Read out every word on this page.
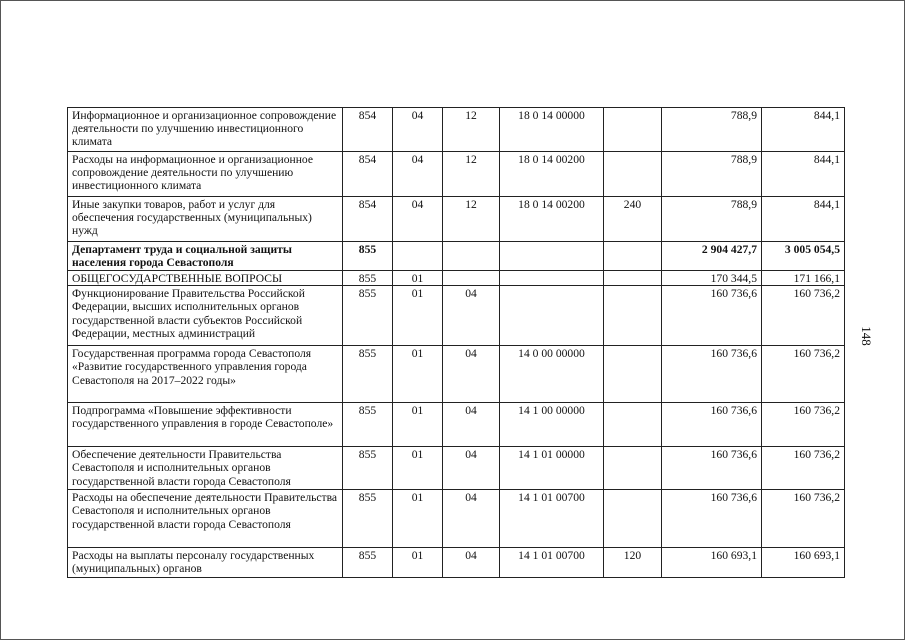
Информационное и организационное сопровождение деятельности по улучшению инвестиционного климата	854	04	12	18 0 14 00000		788,9	844,1
Расходы на информационное и организационное сопровождение деятельности по улучшению инвестиционного климата	854	04	12	18 0 14 00200		788,9	844,1
Иные закупки товаров, работ и услуг для обеспечения государственных (муниципальных) нужд	854	04	12	18 0 14 00200	240	788,9	844,1
Департамент труда и социальной защиты населения города Севастополя	855					2 904 427,7	3 005 054,5
ОБЩЕГОСУДАРСТВЕННЫЕ ВОПРОСЫ	855	01				170 344,5	171 166,1
Функционирование Правительства Российской Федерации, высших исполнительных органов государственной власти субъектов Российской Федерации, местных администраций	855	01	04			160 736,6	160 736,2
Государственная программа города Севастополя «Развитие государственного управления города Севастополя на 2017–2022 годы»	855	01	04	14 0 00 00000		160 736,6	160 736,2
Подпрограмма «Повышение эффективности государственного управления в городе Севастополе»	855	01	04	14 1 00 00000		160 736,6	160 736,2
Обеспечение деятельности Правительства Севастополя и исполнительных органов государственной власти города Севастополя	855	01	04	14 1 01 00000		160 736,6	160 736,2
Расходы на обеспечение деятельности Правительства Севастополя и исполнительных органов государственной власти города Севастополя	855	01	04	14 1 01 00700		160 736,6	160 736,2
Расходы на выплаты персоналу государственных (муниципальных) органов	855	01	04	14 1 01 00700	120	160 693,1	160 693,1
148
